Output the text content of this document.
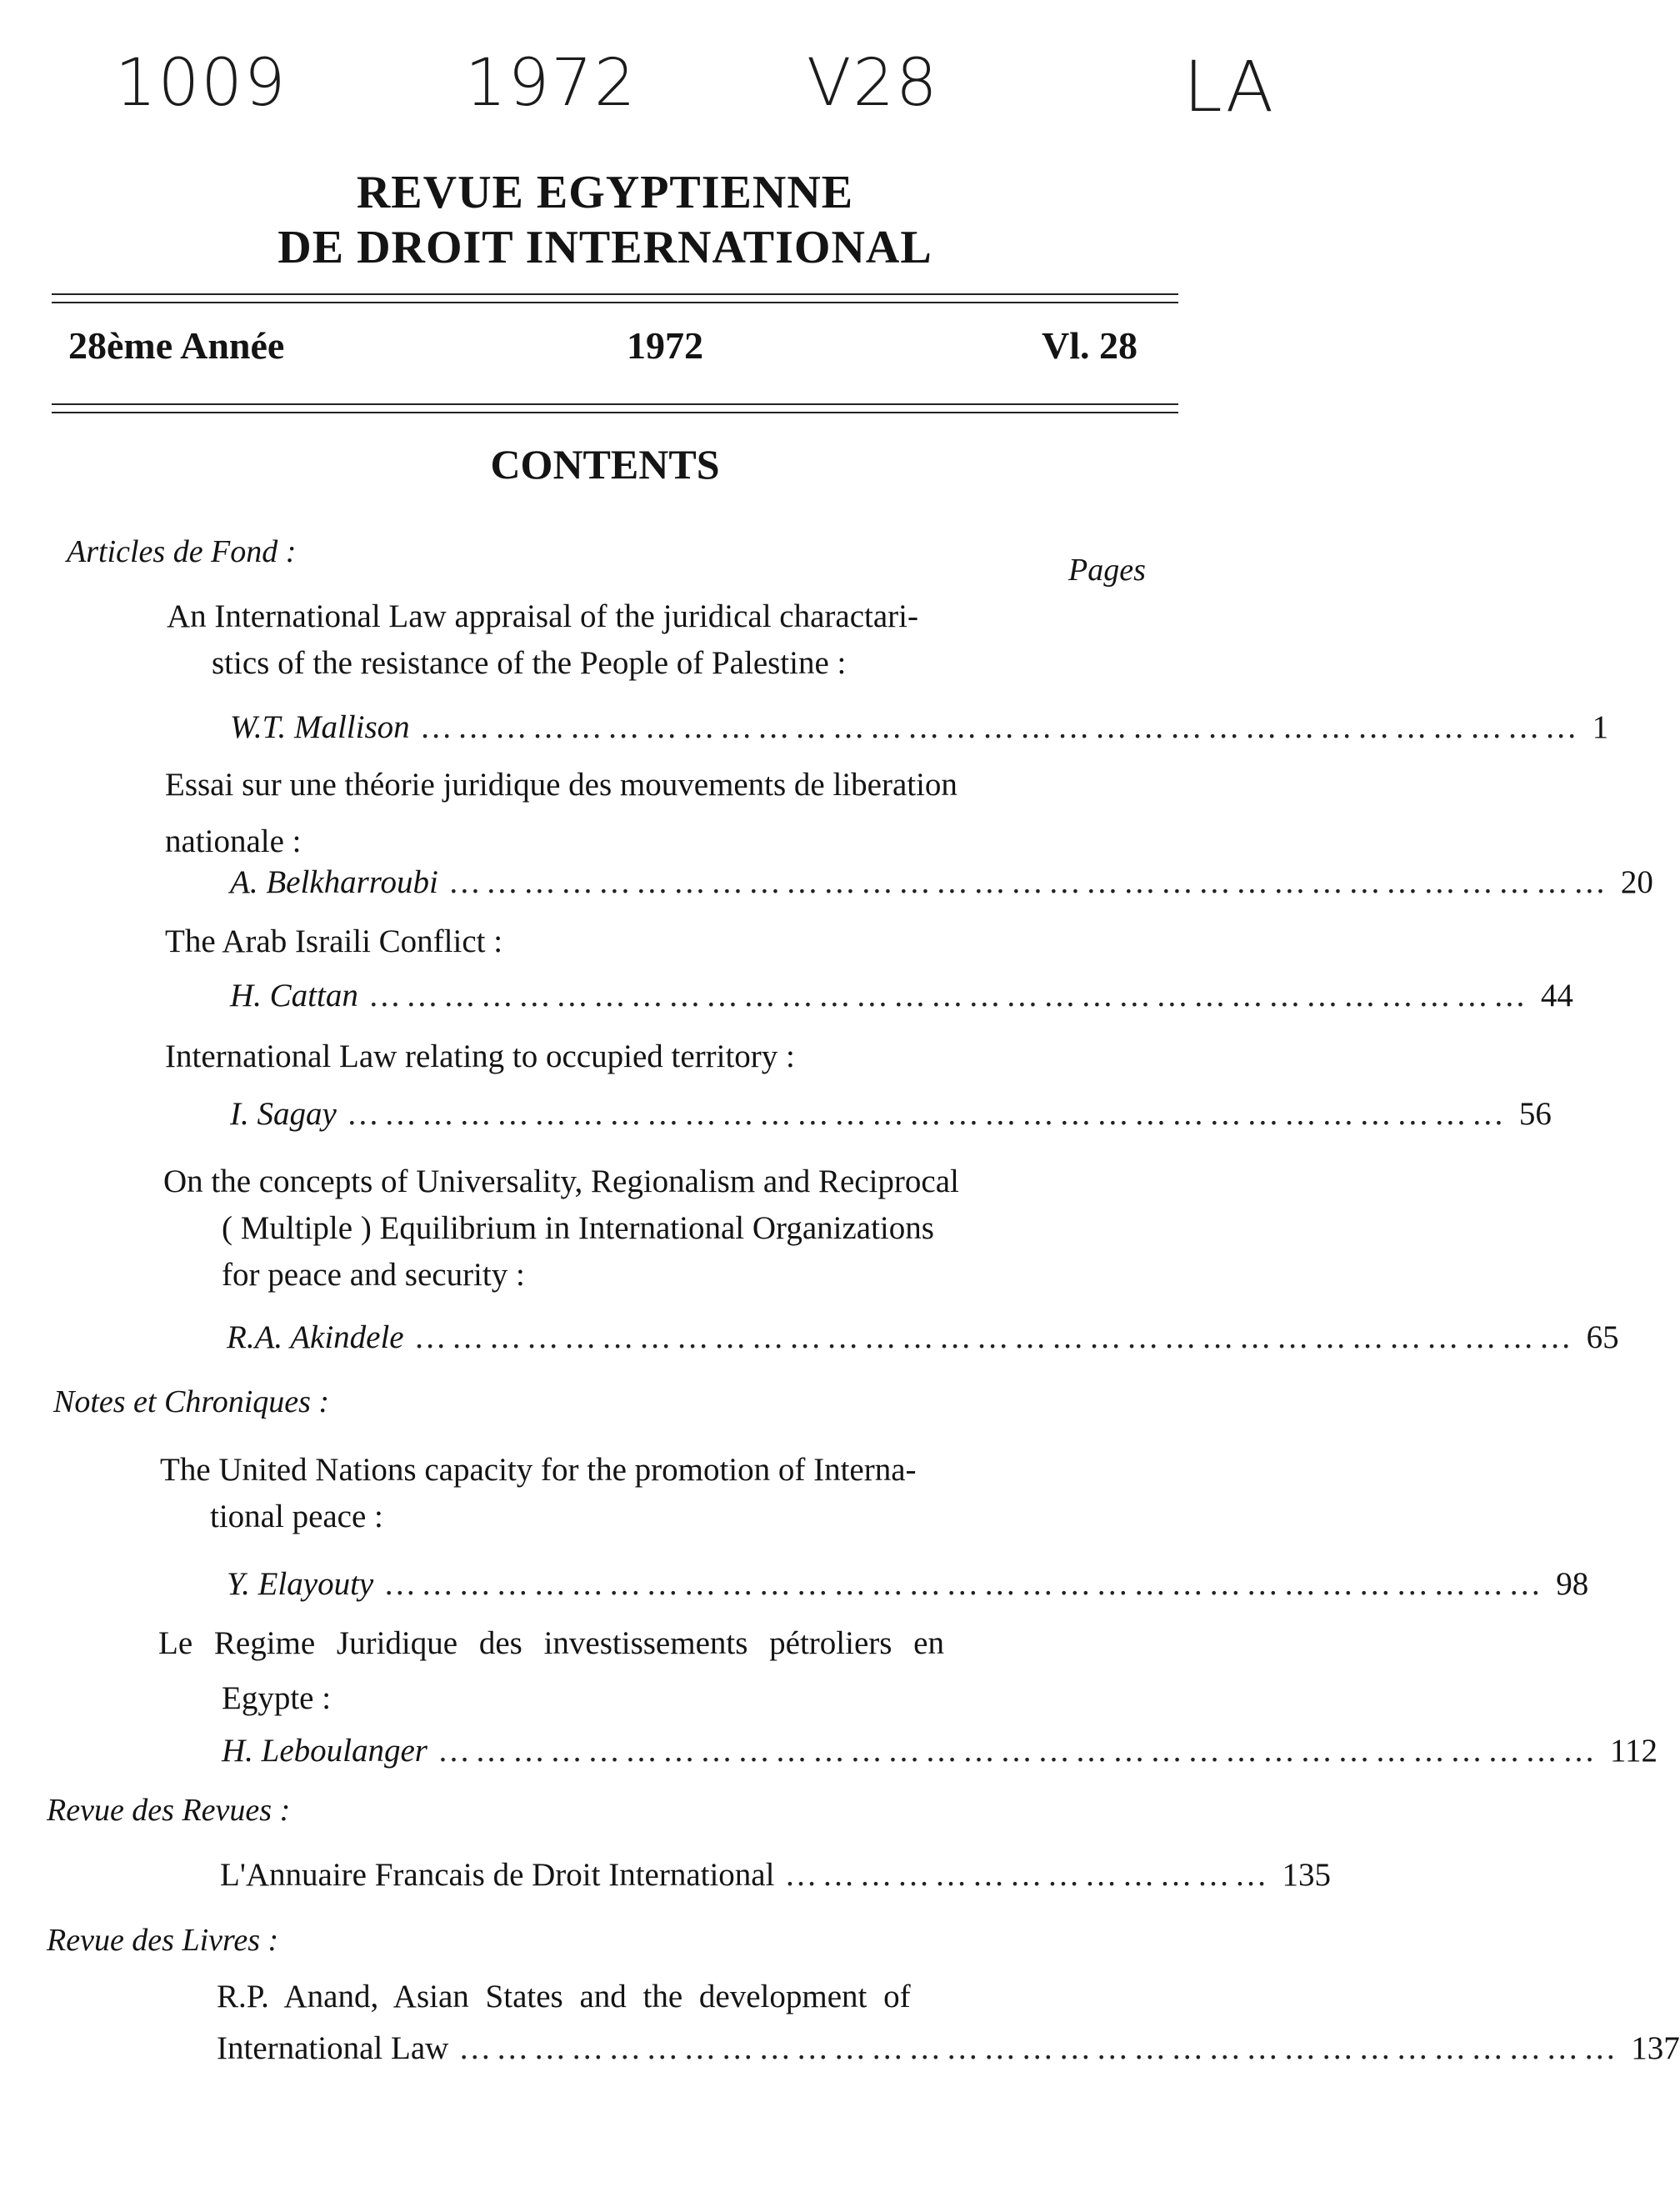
1009	1972	V28	LA
REVUE EGYPTIENNE
DE DROIT INTERNATIONAL
28ème Année	1972	Vl. 28
CONTENTS
Articles de Fond :
Pages
An International Law appraisal of the juridical charactari-
stics of the resistance of the People of Palestine :
W.T. Mallison ………………………………………………………………………………… 1
Essai sur une théorie juridique des mouvements de liberation
nationale :
A. Belkharroubi ………………………………………………………………………………… 20
The Arab Israili Conflict :
H. Cattan ………………………………………………………………………………… 44
International Law relating to occupied territory :
I. Sagay ………………………………………………………………………………… 56
On the concepts of Universality, Regionalism and Reciprocal
( Multiple ) Equilibrium in International Organizations
for peace and security :
R.A. Akindele ………………………………………………………………………………… 65
Notes et Chroniques :
The United Nations capacity for the promotion of Interna-
tional peace :
Y. Elayouty ………………………………………………………………………………… 98
Le Regime Juridique des investissements pétroliers en
Egypte :
H. Leboulanger ………………………………………………………………………………… 112
Revue des Revues :
L'Annuaire Francais de Droit International ………………………………… 135
Revue des Livres :
R.P. Anand, Asian States and the development of
International Law ………………………………………………………………………………… 137
